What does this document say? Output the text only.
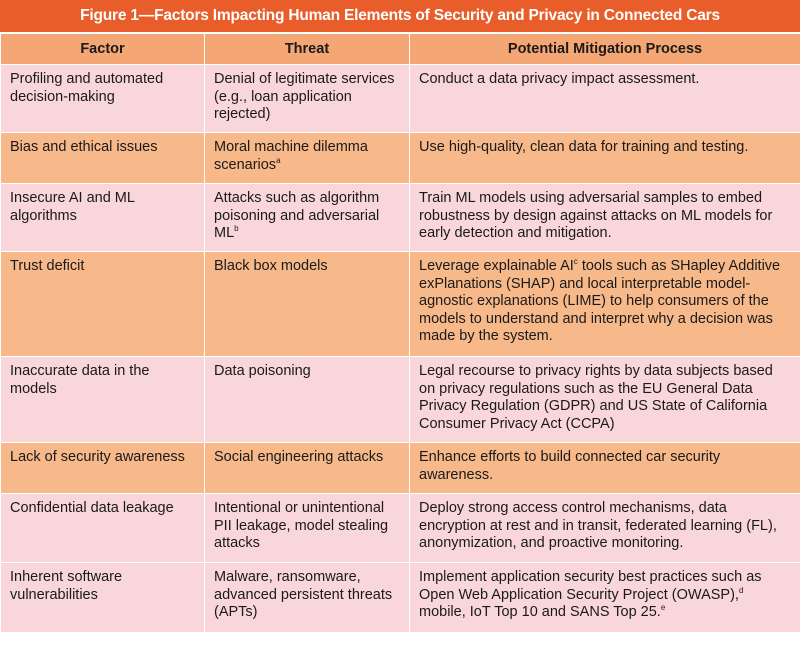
Figure 1—Factors Impacting Human Elements of Security and Privacy in Connected Cars
Factor	Threat	Potential Mitigation Process
Profiling and automated decision-making	Denial of legitimate services (e.g., loan application rejected)	Conduct a data privacy impact assessment.
Bias and ethical issues	Moral machine dilemma scenarios$^a$	Use high-quality, clean data for training and testing.
Insecure AI and ML algorithms	Attacks such as algorithm poisoning and adversarial $ML^b$	Train ML models using adversarial samples to embed robustness by design against attacks on ML models for early detection and mitigation.
Trust deficit	Black box models	Leverage explainable $AI^c$ tools such as SHapley Additive exPlanations (SHAP) and local interpretable model-agnostic explanations (LIME) to help consumers of the models to understand and interpret why a decision was made by the system.
Inaccurate data in the models	Data poisoning	Legal recourse to privacy rights by data subjects based on privacy regulations such as the EU General Data Privacy Regulation (GDPR) and US State of California Consumer Privacy Act (CCPA)
Lack of security awareness	Social engineering attacks	Enhance efforts to build connected car security awareness.
Confidential data leakage	Intentional or unintentional PII leakage, model stealing attacks	Deploy strong access control mechanisms, data encryption at rest and in transit, federated learning (FL), anonymization, and proactive monitoring.
Inherent software vulnerabilities	Malware, ransomware, advanced persistent threats (APTs)	Implement application security best practices such as Open Web Application Security Project (OWASP),$^d$ mobile, IoT Top 10 and SANS Top 25.$^e$
